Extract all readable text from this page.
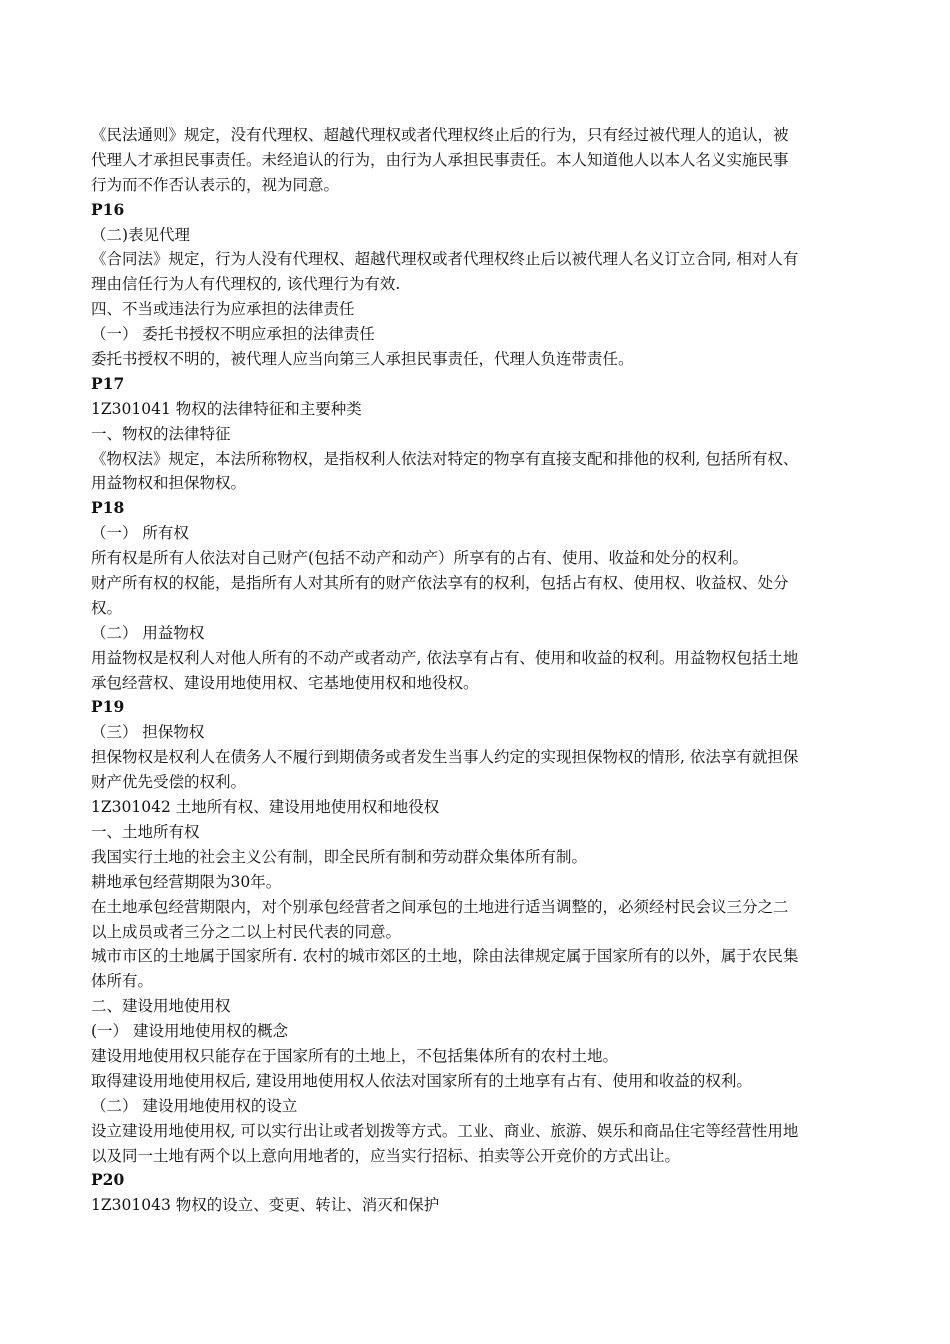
《民法通则》规定，没有代理权、超越代理权或者代理权终止后的行为，只有经过被代理人的追认，被
代理人才承担民事责任。未经追认的行为，由行为人承担民事责任。本人知道他人以本人名义实施民事
行为而不作否认表示的，视为同意。
P16
（二)表见代理
《合同法》规定，行为人没有代理权、超越代理权或者代理权终止后以被代理人名义订立合同, 相对人有
理由信任行为人有代理权的, 该代理行为有效.
四、不当或违法行为应承担的法律责任
（一） 委托书授权不明应承担的法律责任
委托书授权不明的，被代理人应当向第三人承担民事责任，代理人负连带责任。
P17
1Z301041 物权的法律特征和主要种类
一、物权的法律特征
《物权法》规定，本法所称物权，是指权利人依法对特定的物享有直接支配和排他的权利, 包括所有权、
用益物权和担保物权。
P18
（一） 所有权
所有权是所有人依法对自己财产(包括不动产和动产）所享有的占有、使用、收益和处分的权利。
财产所有权的权能，是指所有人对其所有的财产依法享有的权利，包括占有权、使用权、收益权、处分
权。
（二） 用益物权
用益物权是权利人对他人所有的不动产或者动产, 依法享有占有、使用和收益的权利。用益物权包括土地
承包经营权、建设用地使用权、宅基地使用权和地役权。
P19
（三） 担保物权
担保物权是权利人在债务人不履行到期债务或者发生当事人约定的实现担保物权的情形, 依法享有就担保
财产优先受偿的权利。
1Z301042 土地所有权、建设用地使用权和地役权
一、土地所有权
我国实行土地的社会主义公有制，即全民所有制和劳动群众集体所有制。
耕地承包经营期限为30年。
在土地承包经营期限内，对个别承包经营者之间承包的土地进行适当调整的，必须经村民会议三分之二
以上成员或者三分之二以上村民代表的同意。
城市市区的土地属于国家所有. 农村的城市郊区的土地，除由法律规定属于国家所有的以外，属于农民集
体所有。
二、建设用地使用权
(一） 建设用地使用权的概念
建设用地使用权只能存在于国家所有的土地上，不包括集体所有的农村土地。
取得建设用地使用权后, 建设用地使用权人依法对国家所有的土地享有占有、使用和收益的权利。
（二） 建设用地使用权的设立
设立建设用地使用权, 可以实行出让或者划拨等方式。工业、商业、旅游、娱乐和商品住宅等经营性用地
以及同一土地有两个以上意向用地者的，应当实行招标、拍卖等公开竞价的方式出让。
P20
1Z301043 物权的设立、变更、转让、消灭和保护
